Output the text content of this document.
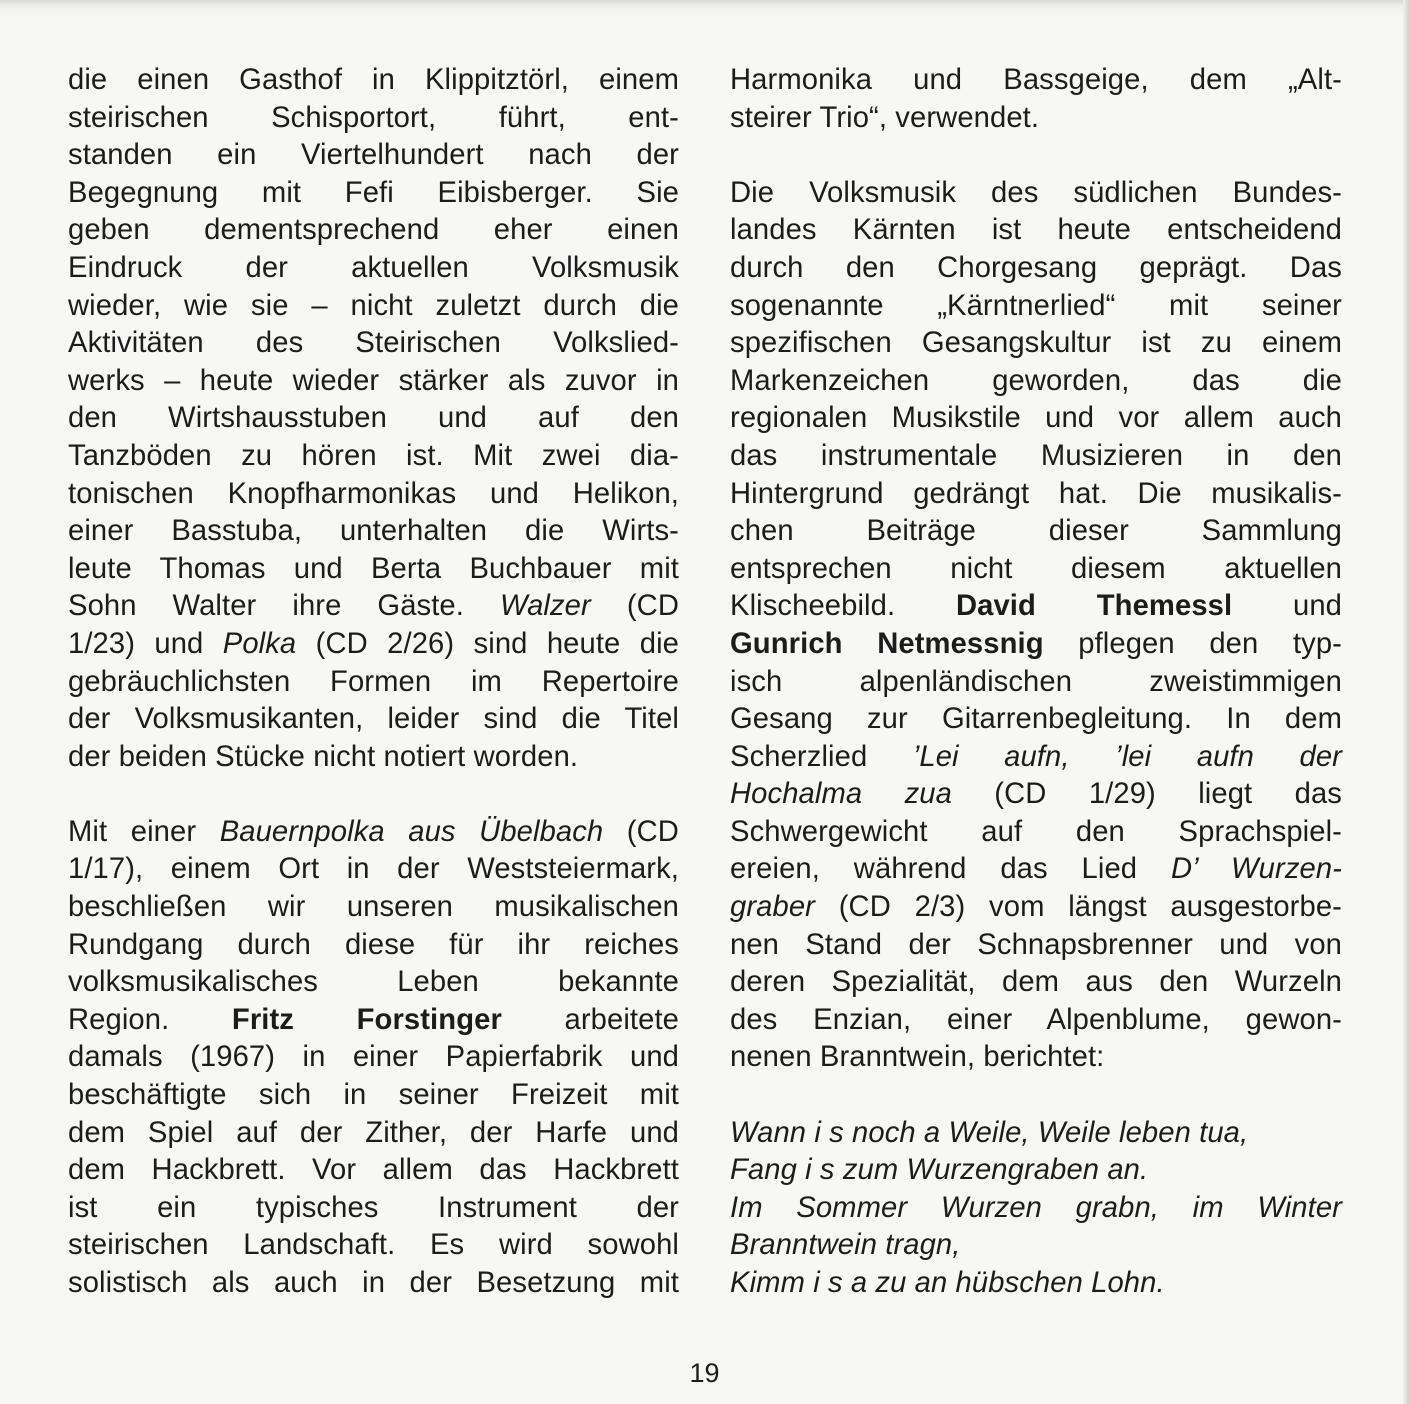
die einen Gasthof in Klippitztörl, einem
steirischen Schisportort, führt, ent-
standen ein Viertelhundert nach der
Begegnung mit Fefi Eibisberger. Sie
geben dementsprechend eher einen
Eindruck der aktuellen Volksmusik
wieder, wie sie – nicht zuletzt durch die
Aktivitäten des Steirischen Volkslied-
werks – heute wieder stärker als zuvor in
den Wirtshausstuben und auf den
Tanzböden zu hören ist. Mit zwei dia-
tonischen Knopfharmonikas und Helikon,
einer Basstuba, unterhalten die Wirts-
leute Thomas und Berta Buchbauer mit
Sohn Walter ihre Gäste. Walzer (CD
1/23) und Polka (CD 2/26) sind heute die
gebräuchlichsten Formen im Repertoire
der Volksmusikanten, leider sind die Titel
der beiden Stücke nicht notiert worden.
Mit einer Bauernpolka aus Übelbach (CD
1/17), einem Ort in der Weststeiermark,
beschließen wir unseren musikalischen
Rundgang durch diese für ihr reiches
volksmusikalisches Leben bekannte
Region. Fritz Forstinger arbeitete
damals (1967) in einer Papierfabrik und
beschäftigte sich in seiner Freizeit mit
dem Spiel auf der Zither, der Harfe und
dem Hackbrett. Vor allem das Hackbrett
ist ein typisches Instrument der
steirischen Landschaft. Es wird sowohl
solistisch als auch in der Besetzung mit
Harmonika und Bassgeige, dem „Alt-
steirer Trio“, verwendet.
Die Volksmusik des südlichen Bundes-
landes Kärnten ist heute entscheidend
durch den Chorgesang geprägt. Das
sogenannte „Kärntnerlied“ mit seiner
spezifischen Gesangskultur ist zu einem
Markenzeichen geworden, das die
regionalen Musikstile und vor allem auch
das instrumentale Musizieren in den
Hintergrund gedrängt hat. Die musikalis-
chen Beiträge dieser Sammlung
entsprechen nicht diesem aktuellen
Klischeebild. David Themessl und
Gunrich Netmessnig pflegen den typ-
isch alpenländischen zweistimmigen
Gesang zur Gitarrenbegleitung. In dem
Scherzlied ’Lei aufn, ’lei aufn der
Hochalma zua (CD 1/29) liegt das
Schwergewicht auf den Sprachspiel-
ereien, während das Lied D’ Wurzen-
graber (CD 2/3) vom längst ausgestorbe-
nen Stand der Schnapsbrenner und von
deren Spezialität, dem aus den Wurzeln
des Enzian, einer Alpenblume, gewon-
nenen Branntwein, berichtet:
Wann i s noch a Weile, Weile leben tua,
Fang i s zum Wurzengraben an.
Im Sommer Wurzen grabn, im Winter
Branntwein tragn,
Kimm i s a zu an hübschen Lohn.
19
